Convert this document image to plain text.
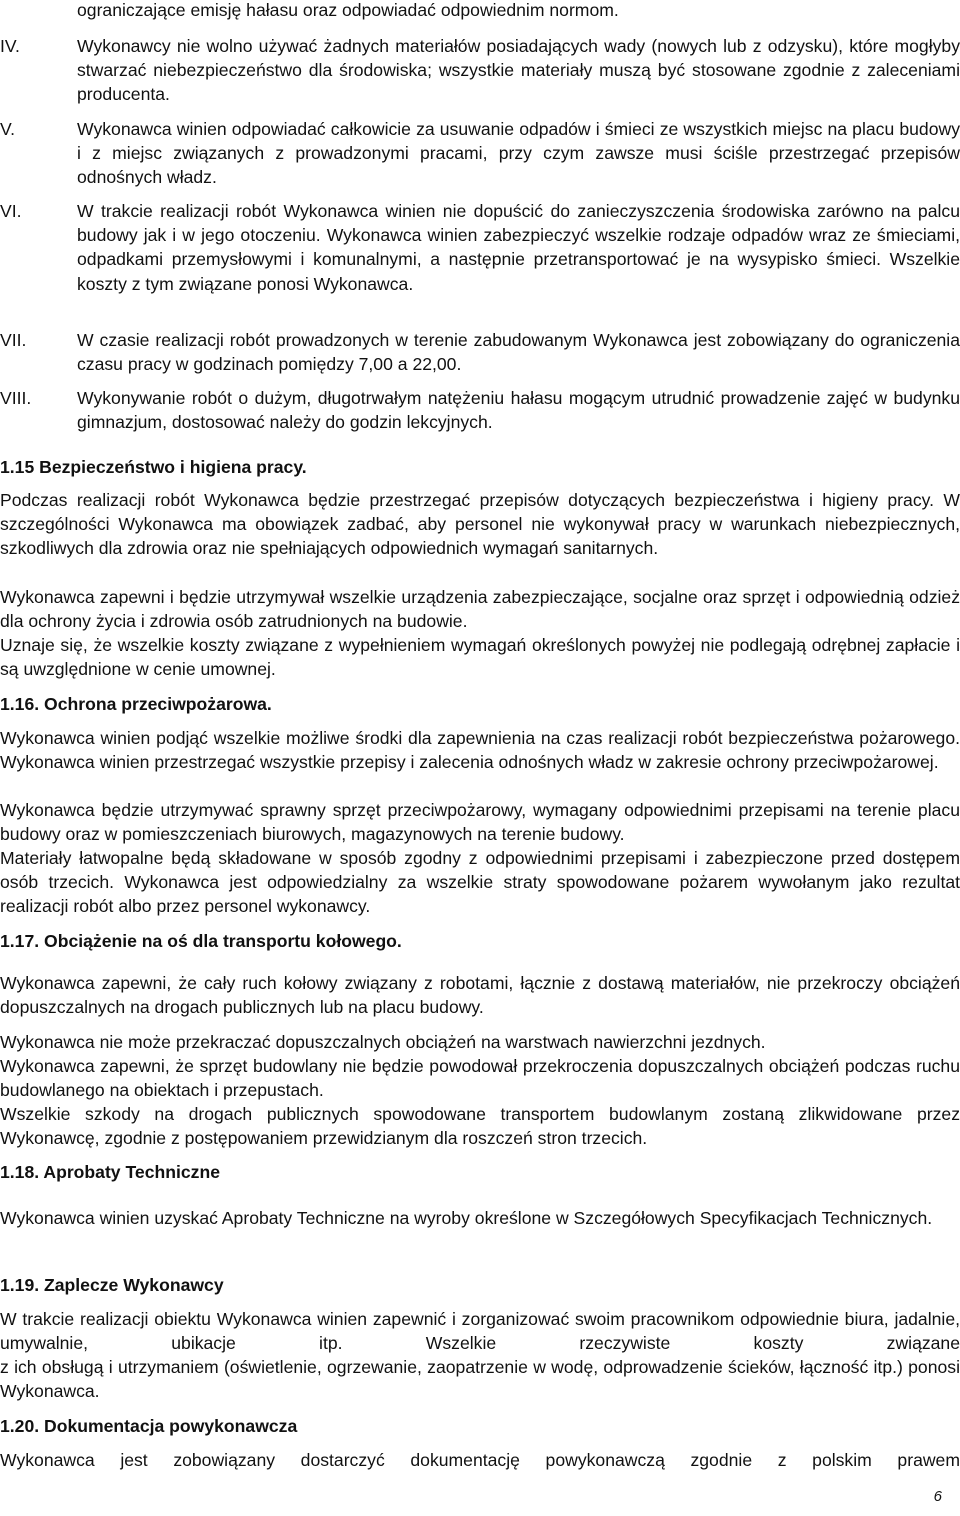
ograniczające emisję hałasu oraz odpowiadać odpowiednim normom.

IV.	Wykonawcy nie wolno używać żadnych materiałów posiadających wady (nowych lub z odzysku), które mogłyby stwarzać niebezpieczeństwo dla środowiska; wszystkie materiały muszą być stosowane zgodnie z zaleceniami producenta.

V.	Wykonawca winien odpowiadać całkowicie za usuwanie odpadów i śmieci ze wszystkich miejsc na placu budowy i z miejsc związanych z prowadzonymi pracami, przy czym zawsze musi ściśle przestrzegać przepisów odnośnych władz.

VI.	W trakcie realizacji robót Wykonawca winien nie dopuścić do zanieczyszczenia środowiska zarówno na palcu budowy jak i w jego otoczeniu. Wykonawca winien zabezpieczyć wszelkie rodzaje odpadów wraz ze śmieciami, odpadkami przemysłowymi i komunalnymi, a następnie przetransportować je na wysypisko śmieci. Wszelkie koszty z tym związane ponosi Wykonawca.

VII.	W czasie realizacji robót prowadzonych w terenie zabudowanym Wykonawca jest zobowiązany do ograniczenia czasu pracy w godzinach pomiędzy 7,00 a 22,00.

VIII.	Wykonywanie robót o dużym, długotrwałym natężeniu hałasu mogącym utrudnić prowadzenie zajęć w budynku gimnazjum, dostosować należy do godzin lekcyjnych.

1.15 Bezpieczeństwo i higiena pracy.

Podczas realizacji robót Wykonawca będzie przestrzegać przepisów dotyczących bezpieczeństwa i higieny pracy. W szczególności Wykonawca ma obowiązek zadbać, aby personel nie wykonywał pracy w warunkach niebezpiecznych, szkodliwych dla zdrowia oraz nie spełniających odpowiednich wymagań sanitarnych.

Wykonawca zapewni i będzie utrzymywał wszelkie urządzenia zabezpieczające, socjalne oraz sprzęt i odpowiednią odzież dla ochrony życia i zdrowia osób zatrudnionych na budowie.

Uznaje się, że wszelkie koszty związane z wypełnieniem wymagań określonych powyżej nie podlegają odrębnej zapłacie i są uwzględnione w cenie umownej.

1.16. Ochrona przeciwpożarowa.

Wykonawca winien podjąć wszelkie możliwe środki dla zapewnienia na czas realizacji robót bezpieczeństwa pożarowego. Wykonawca winien przestrzegać wszystkie przepisy i zalecenia odnośnych władz w zakresie ochrony przeciwpożarowej.

Wykonawca będzie utrzymywać sprawny sprzęt przeciwpożarowy, wymagany odpowiednimi przepisami na terenie placu budowy oraz w pomieszczeniach biurowych, magazynowych na terenie budowy.

Materiały łatwopalne będą składowane w sposób zgodny z odpowiednimi przepisami i zabezpieczone przed dostępem osób trzecich. Wykonawca jest odpowiedzialny za wszelkie straty spowodowane pożarem wywołanym jako rezultat realizacji robót albo przez personel wykonawcy.

1.17. Obciążenie na oś dla transportu kołowego.

Wykonawca zapewni, że cały ruch kołowy związany z robotami, łącznie z dostawą materiałów, nie przekroczy obciążeń dopuszczalnych na drogach publicznych lub na placu budowy.

Wykonawca nie może przekraczać dopuszczalnych obciążeń na warstwach nawierzchni jezdnych.

Wykonawca zapewni, że sprzęt budowlany nie będzie powodował przekroczenia dopuszczalnych obciążeń podczas ruchu budowlanego na obiektach i przepustach.

Wszelkie szkody na drogach publicznych spowodowane transportem budowlanym zostaną zlikwidowane przez Wykonawcę, zgodnie z postępowaniem przewidzianym dla roszczeń stron trzecich.

1.18. Aprobaty Techniczne

Wykonawca winien uzyskać Aprobaty Techniczne na wyroby określone w Szczegółowych Specyfikacjach Technicznych.

1.19. Zaplecze Wykonawcy

W trakcie realizacji obiektu Wykonawca winien zapewnić i zorganizować swoim pracownikom odpowiednie biura, jadalnie, umywalnie, ubikacje itp. Wszelkie rzeczywiste koszty związane

z ich obsługą i utrzymaniem (oświetlenie, ogrzewanie, zaopatrzenie w wodę, odprowadzenie ścieków, łączność itp.) ponosi Wykonawca.

1.20. Dokumentacja powykonawcza

Wykonawca jest zobowiązany dostarczyć dokumentację powykonawczą zgodnie z polskim prawem

6
